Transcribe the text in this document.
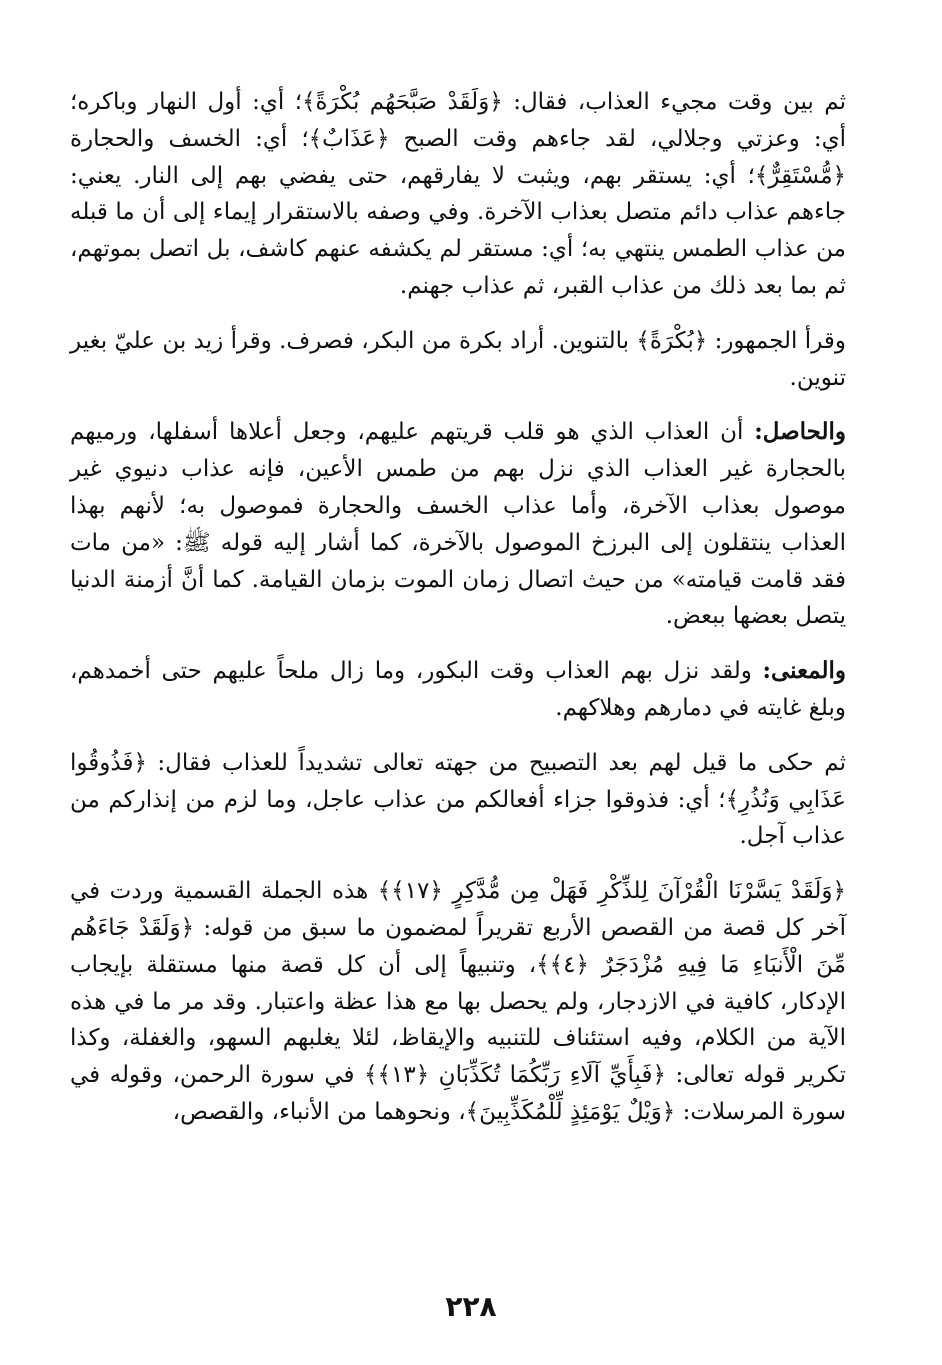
ثم بين وقت مجيء العذاب، فقال: ﴿وَلَقَدْ صَبَّحَهُم بُكْرَةً﴾؛ أي: أول النهار وباكره؛ أي: وعزتي وجلالي، لقد جاءهم وقت الصبح ﴿عَذَابٌ﴾؛ أي: الخسف والحجارة ﴿مُّسْتَقِرٌّ﴾؛ أي: يستقر بهم، ويثبت لا يفارقهم، حتى يفضي بهم إلى النار. يعني: جاءهم عذاب دائم متصل بعذاب الآخرة. وفي وصفه بالاستقرار إيماء إلى أن ما قبله من عذاب الطمس ينتهي به؛ أي: مستقر لم يكشفه عنهم كاشف، بل اتصل بموتهم، ثم بما بعد ذلك من عذاب القبر، ثم عذاب جهنم.

وقرأ الجمهور: ﴿بُكْرَةً﴾ بالتنوين. أراد بكرة من البكر، فصرف. وقرأ زيد بن عليّ بغير تنوين.

والحاصل: أن العذاب الذي هو قلب قريتهم عليهم، وجعل أعلاها أسفلها، ورميهم بالحجارة غير العذاب الذي نزل بهم من طمس الأعين، فإنه عذاب دنيوي غير موصول بعذاب الآخرة، وأما عذاب الخسف والحجارة فموصول به؛ لأنهم بهذا العذاب ينتقلون إلى البرزخ الموصول بالآخرة، كما أشار إليه قوله ﷺ: «من مات فقد قامت قيامته» من حيث اتصال زمان الموت بزمان القيامة. كما أنَّ أزمنة الدنيا يتصل بعضها ببعض.

والمعنى: ولقد نزل بهم العذاب وقت البكور، وما زال ملحاً عليهم حتى أخمدهم، وبلغ غايته في دمارهم وهلاكهم.

ثم حكى ما قيل لهم بعد التصبيح من جهته تعالى تشديداً للعذاب فقال: ﴿فَذُوقُوا عَذَابِي وَنُذُرِ﴾؛ أي: فذوقوا جزاء أفعالكم من عذاب عاجل، وما لزم من إنذاركم من عذاب آجل.

﴿وَلَقَدْ يَسَّرْنَا الْقُرْآنَ لِلذِّكْرِ فَهَلْ مِن مُّدَّكِرٍ ﴿١٧﴾﴾ هذه الجملة القسمية وردت في آخر كل قصة من القصص الأربع تقريراً لمضمون ما سبق من قوله: ﴿وَلَقَدْ جَاءَهُم مِّنَ الْأَنبَاءِ مَا فِيهِ مُزْدَجَرٌ ﴿٤﴾﴾، وتنبيهاً إلى أن كل قصة منها مستقلة بإيجاب الإدكار، كافية في الازدجار، ولم يحصل بها مع هذا عظة واعتبار. وقد مر ما في هذه الآية من الكلام، وفيه استئناف للتنبيه والإيقاظ، لئلا يغلبهم السهو، والغفلة، وكذا تكرير قوله تعالى: ﴿فَبِأَيِّ آلَاءِ رَبِّكُمَا تُكَذِّبَانِ ﴿١٣﴾﴾ في سورة الرحمن، وقوله في سورة المرسلات: ﴿وَيْلٌ يَوْمَئِذٍ لِّلْمُكَذِّبِينَ﴾، ونحوهما من الأنباء، والقصص،

٢٢٨
